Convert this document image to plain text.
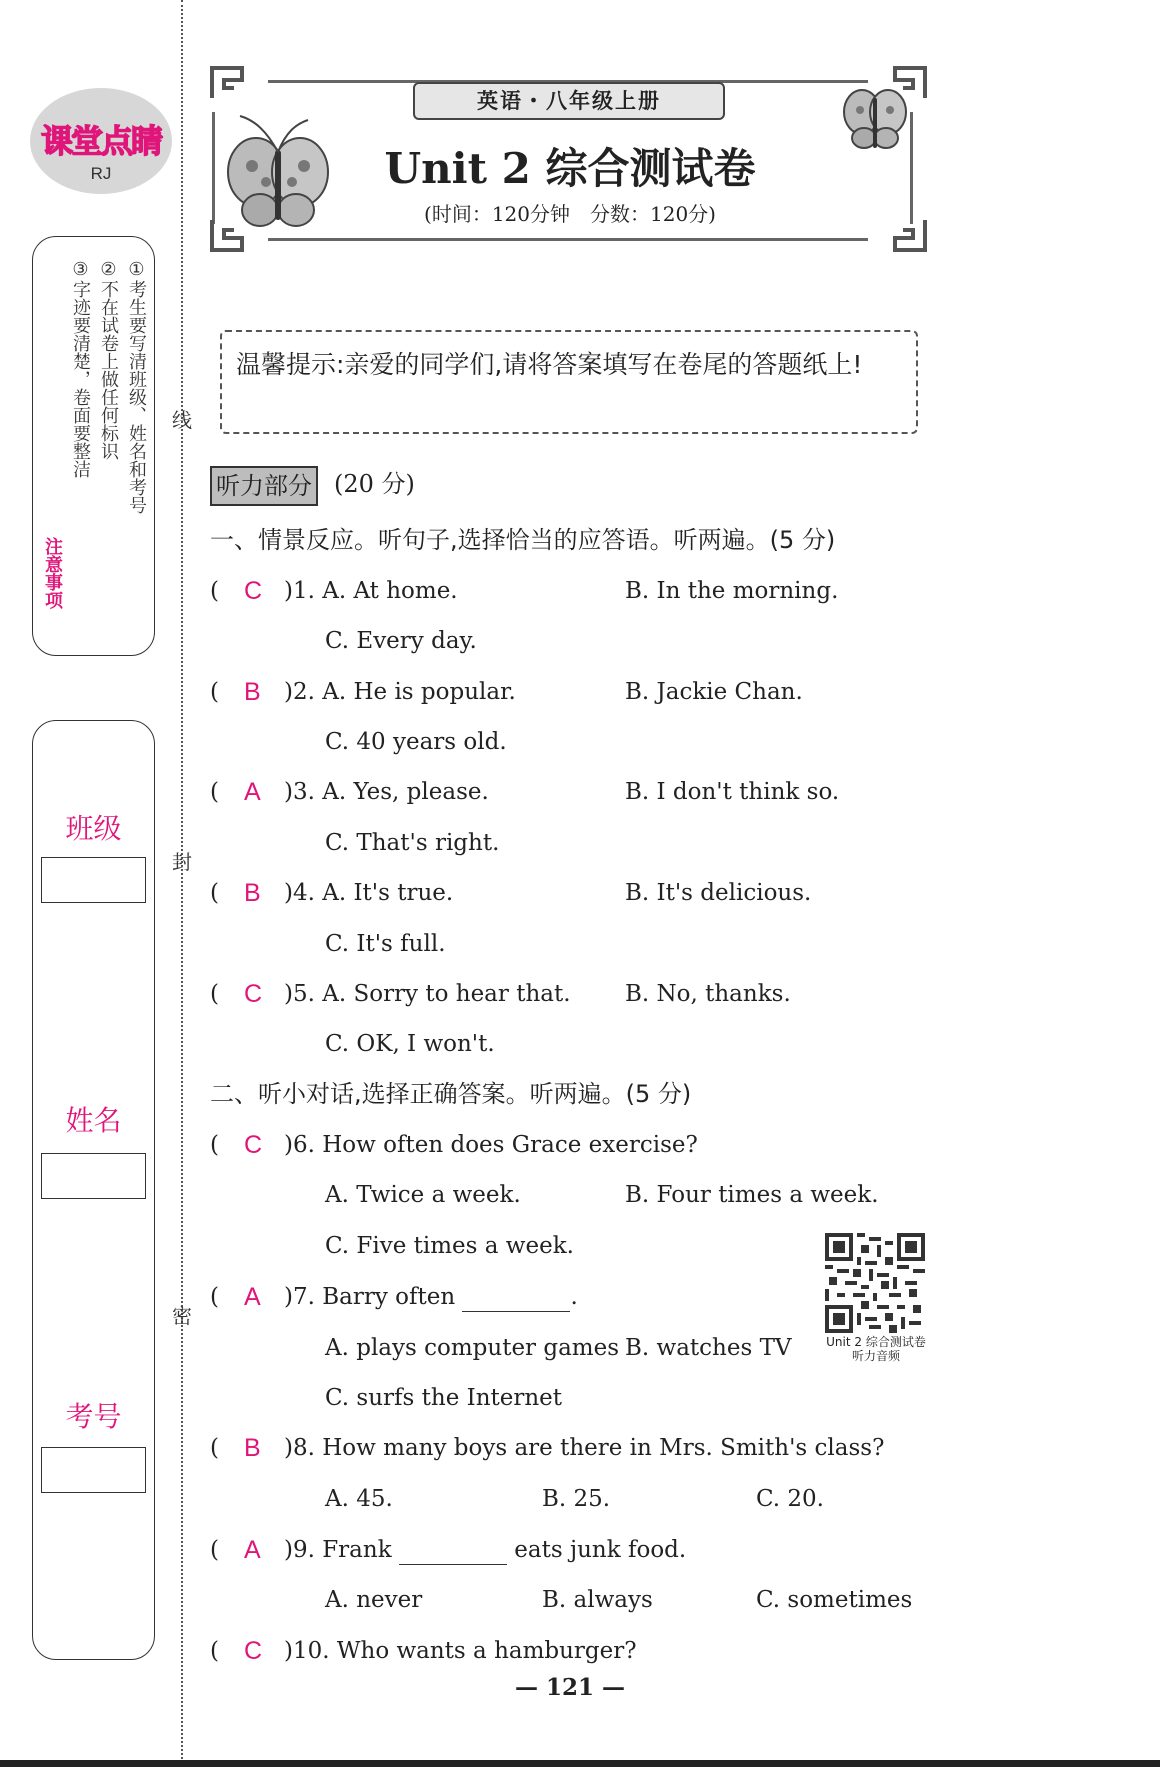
线
封
密
课堂点睛
RJ
①考生要写清班级、姓名和考号
②不在试卷上做任何标识
③字迹要清楚，卷面要整洁
注意事项
班级
姓名
考号
英语・八年级上册
Unit 2 综合测试卷
(时间：120分钟　分数：120分)
温馨提示:亲爱的同学们,请将答案填写在卷尾的答题纸上!
听力部分 (20 分)
一、情景反应。听句子,选择恰当的应答语。听两遍。(5 分)
( C )1. A. At home.	B. In the morning.
C. Every day.
( B )2. A. He is popular.	B. Jackie Chan.
C. 40 years old.
( A )3. A. Yes, please.	B. I don't think so.
C. That's right.
( B )4. A. It's true.	B. It's delicious.
C. It's full.
( C )5. A. Sorry to hear that. B. No, thanks.
C. OK, I won't.
二、听小对话,选择正确答案。听两遍。(5 分)
( C )6. How often does Grace exercise?
A. Twice a week.	B. Four times a week.
C. Five times a week.
( A )7. Barry often	.
A. plays computer games B. watches TV
C. surfs the Internet
( B )8. How many boys are there in Mrs. Smith's class?
A. 45.	B. 25.	C. 20.
( A )9. Frank	eats junk food.
A. never	B. always	C. sometimes
( C )10. Who wants a hamburger?
Unit 2 综合测试卷
听力音频
— 121 —
